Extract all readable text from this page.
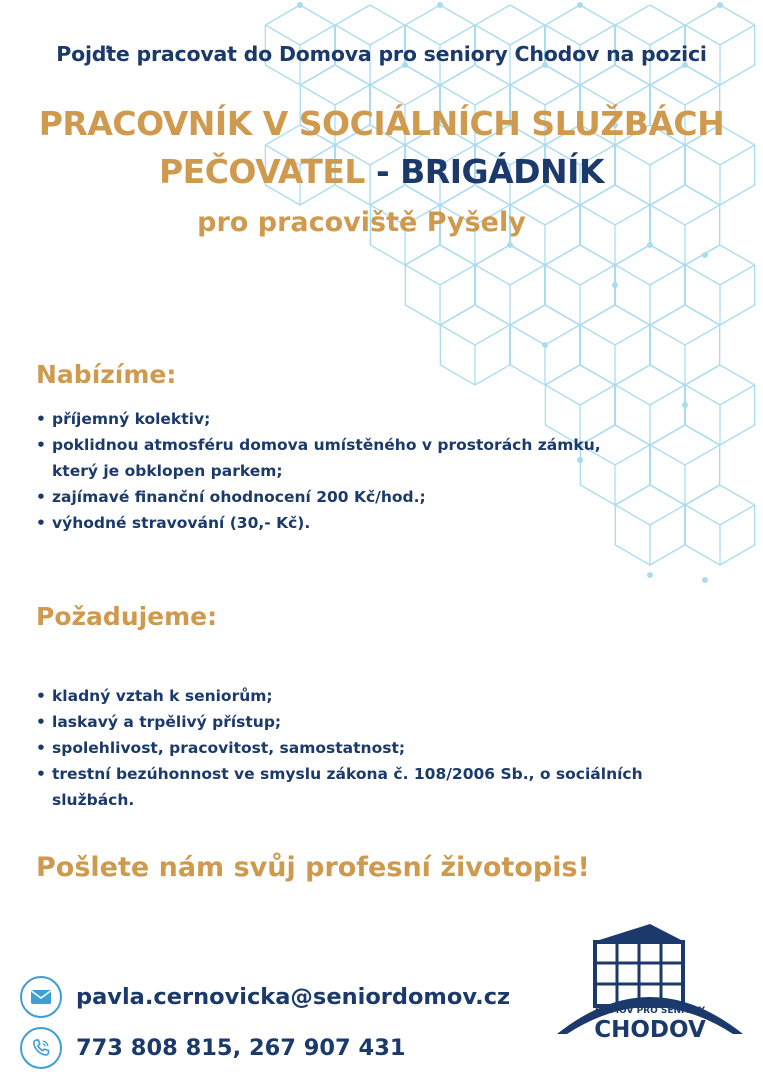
Pojďte pracovat do Domova pro seniory Chodov na pozici
PRACOVNÍK V SOCIÁLNÍCH SLUŽBÁCH
PEČOVATEL - BRIGÁDNÍK
pro pracoviště Pyšely
Nabízíme:
• příjemný kolektiv;
• poklidnou atmosféru domova umístěného v prostorách zámku, který je obklopen parkem;
• zajímavé finanční ohodnocení 200 Kč/hod.;
• výhodné stravování (30,- Kč).
Požadujeme:
• kladný vztah k seniorům;
• laskavý a trpělivý přístup;
• spolehlivost, pracovitost, samostatnost;
• trestní bezúhonnost ve smyslu zákona č. 108/2006 Sb., o sociálních službách.
Pošlete nám svůj profesní životopis!
pavla.cernovicka@seniordomov.cz
773 808 815, 267 907 431
DOMOV PRO SENIORY
CHODOV
